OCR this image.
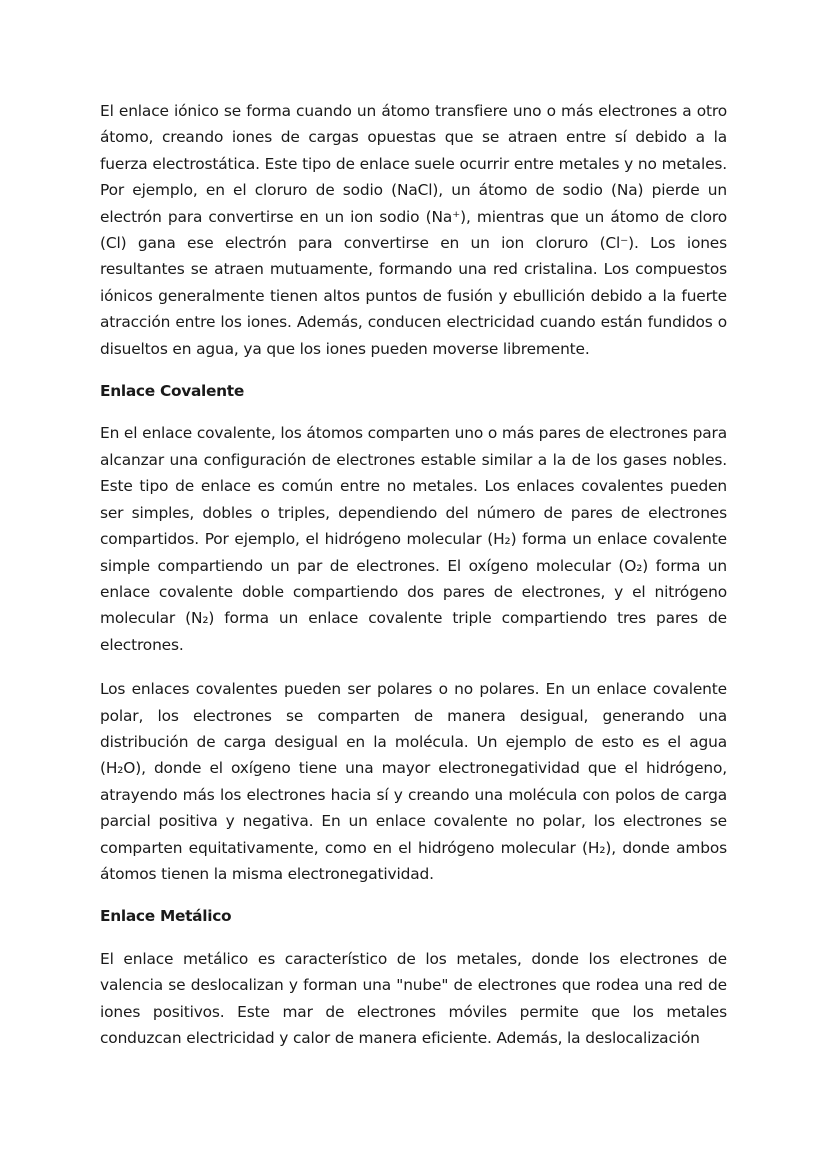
El enlace iónico se forma cuando un átomo transfiere uno o más electrones a otro átomo, creando iones de cargas opuestas que se atraen entre sí debido a la fuerza electrostática. Este tipo de enlace suele ocurrir entre metales y no metales. Por ejemplo, en el cloruro de sodio (NaCl), un átomo de sodio (Na) pierde un electrón para convertirse en un ion sodio (Na⁺), mientras que un átomo de cloro (Cl) gana ese electrón para convertirse en un ion cloruro (Cl⁻). Los iones resultantes se atraen mutuamente, formando una red cristalina. Los compuestos iónicos generalmente tienen altos puntos de fusión y ebullición debido a la fuerte atracción entre los iones. Además, conducen electricidad cuando están fundidos o disueltos en agua, ya que los iones pueden moverse libremente.

Enlace Covalente

En el enlace covalente, los átomos comparten uno o más pares de electrones para alcanzar una configuración de electrones estable similar a la de los gases nobles. Este tipo de enlace es común entre no metales. Los enlaces covalentes pueden ser simples, dobles o triples, dependiendo del número de pares de electrones compartidos. Por ejemplo, el hidrógeno molecular (H₂) forma un enlace covalente simple compartiendo un par de electrones. El oxígeno molecular (O₂) forma un enlace covalente doble compartiendo dos pares de electrones, y el nitrógeno molecular (N₂) forma un enlace covalente triple compartiendo tres pares de electrones.

Los enlaces covalentes pueden ser polares o no polares. En un enlace covalente polar, los electrones se comparten de manera desigual, generando una distribución de carga desigual en la molécula. Un ejemplo de esto es el agua (H₂O), donde el oxígeno tiene una mayor electronegatividad que el hidrógeno, atrayendo más los electrones hacia sí y creando una molécula con polos de carga parcial positiva y negativa. En un enlace covalente no polar, los electrones se comparten equitativamente, como en el hidrógeno molecular (H₂), donde ambos átomos tienen la misma electronegatividad.

Enlace Metálico

El enlace metálico es característico de los metales, donde los electrones de valencia se deslocalizan y forman una "nube" de electrones que rodea una red de iones positivos. Este mar de electrones móviles permite que los metales conduzcan electricidad y calor de manera eficiente. Además, la deslocalización
